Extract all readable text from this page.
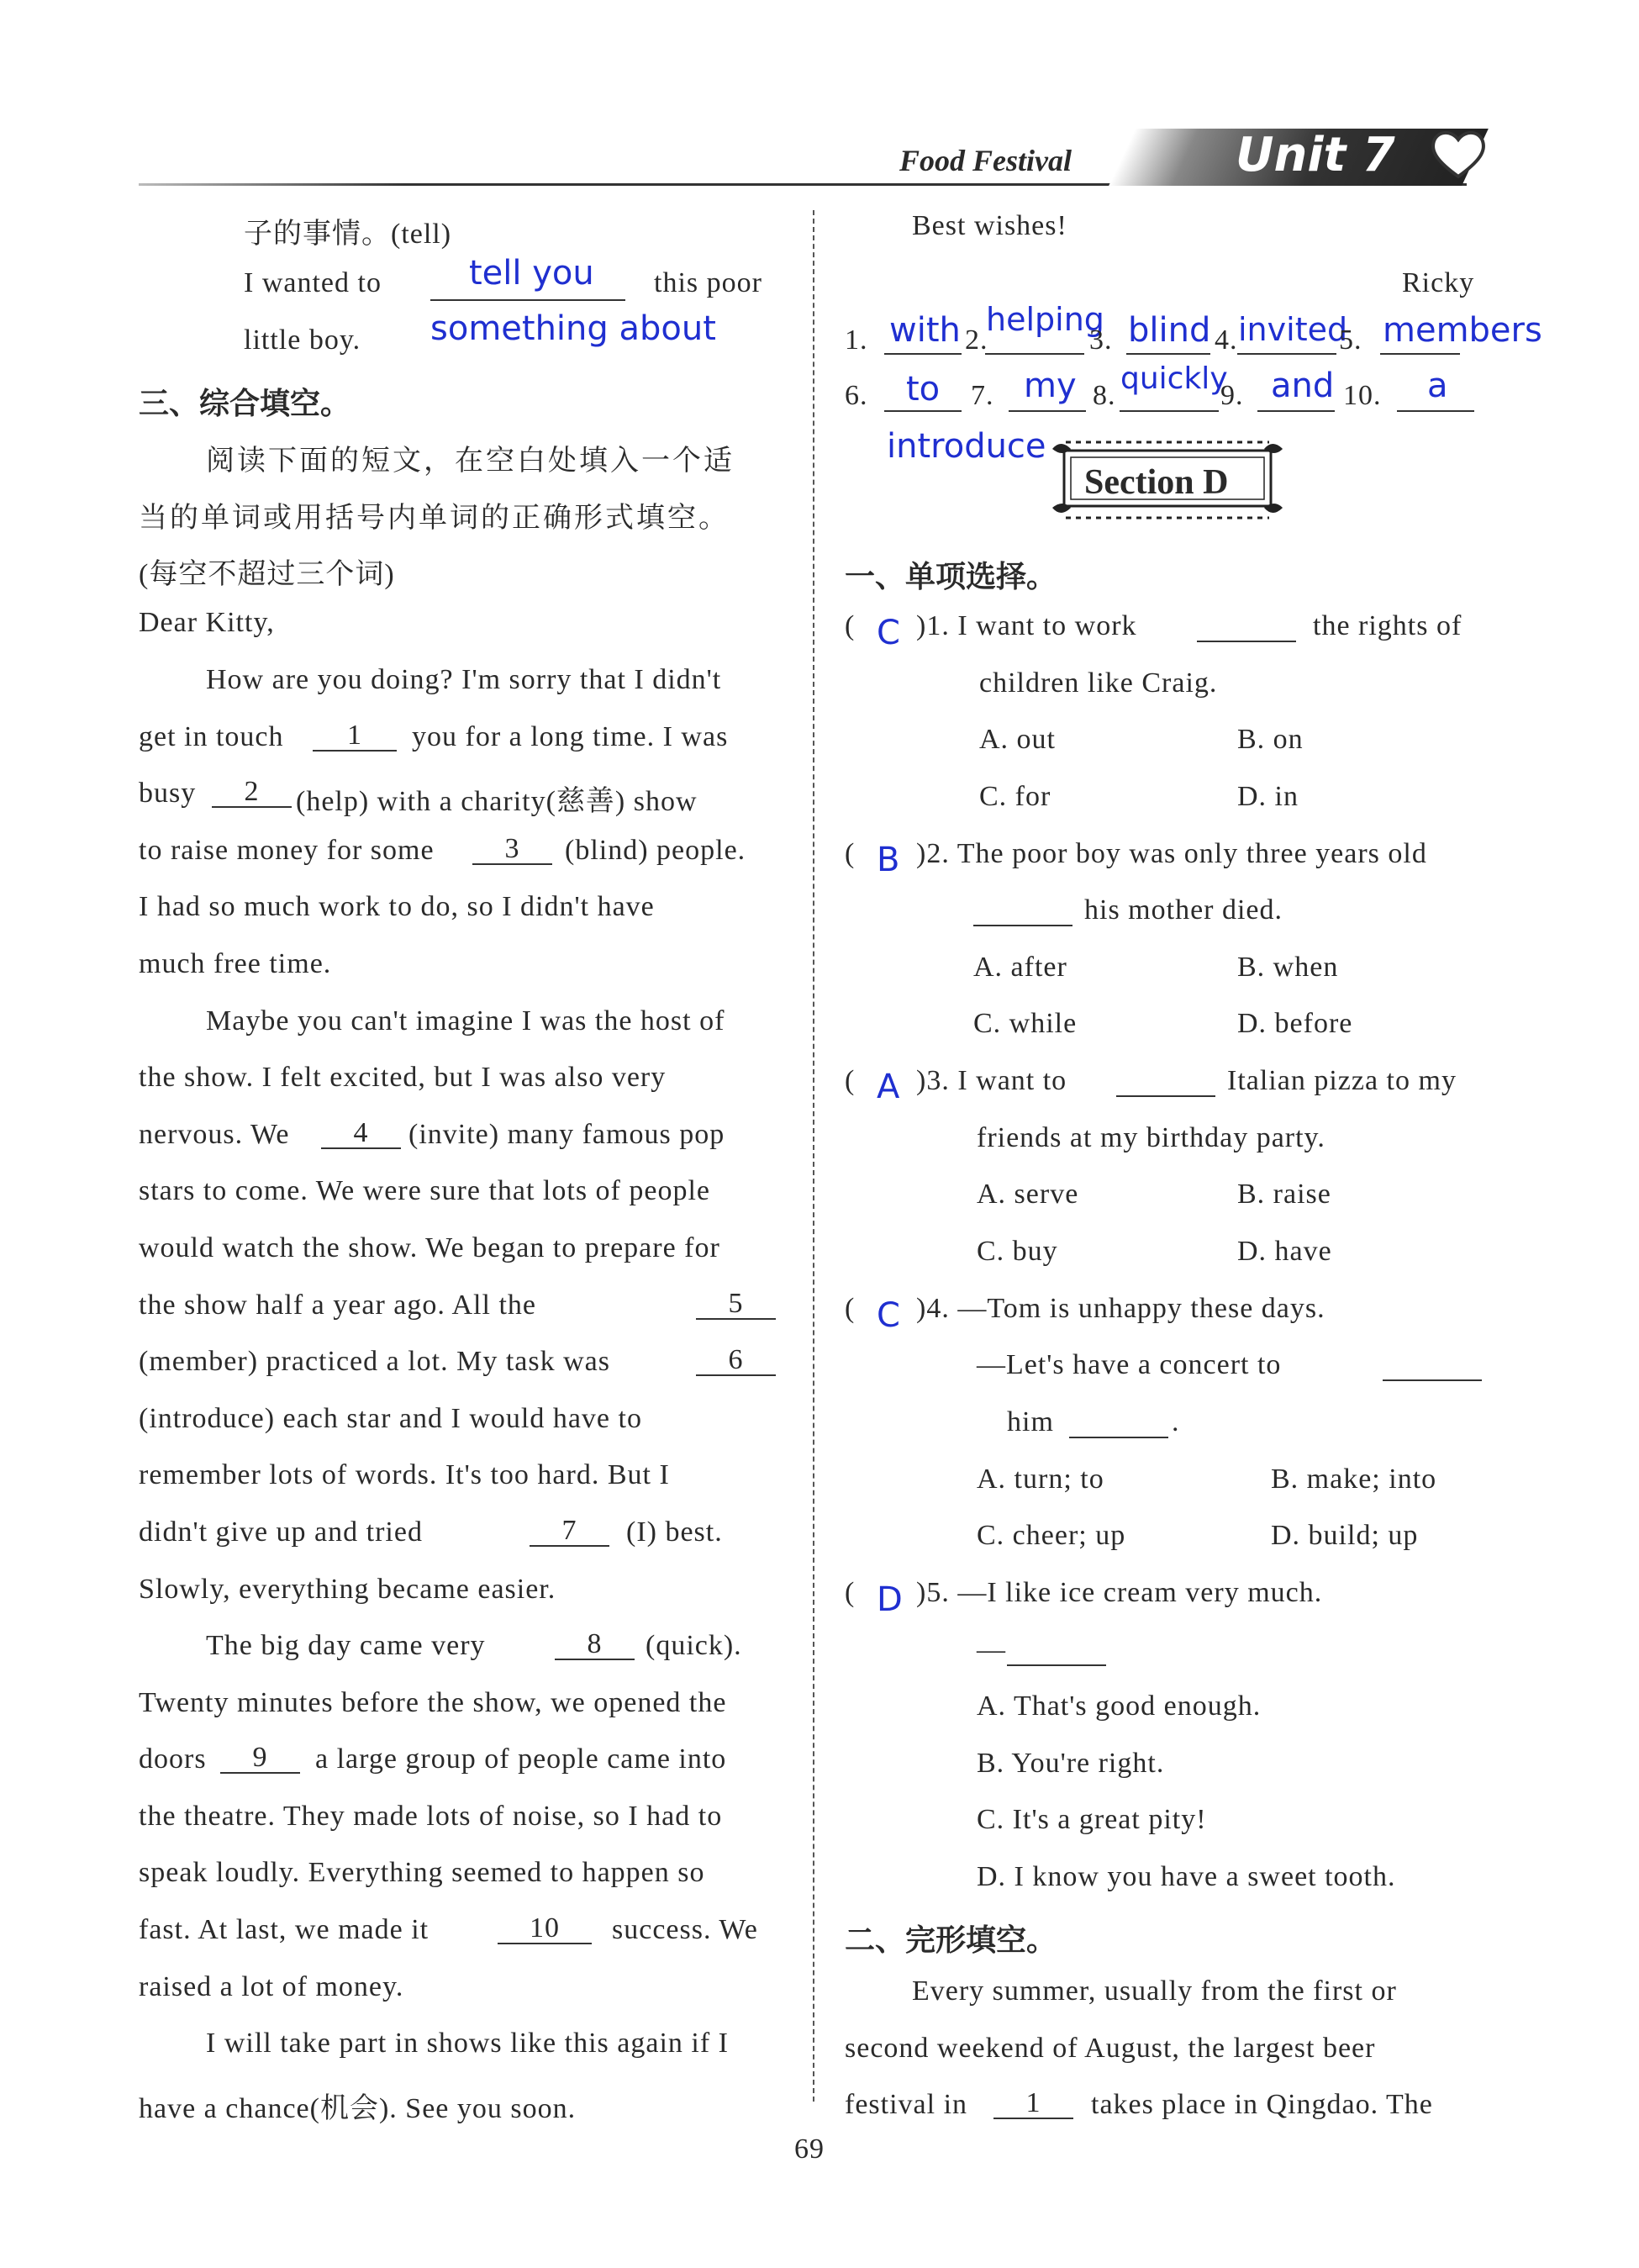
Food Festival	Unit 7
子的事情。(tell)
I wanted to	this poor
little boy.
tell you
something about
三、综合填空。
阅读下面的短文，在空白处填入一个适
当的单词或用括号内单词的正确形式填空。
(每空不超过三个词)
Dear Kitty,
How are you doing? I'm sorry that I didn't
get in touch	1	you for a long time. I was
busy	2	(help) with a charity(慈善) show
to raise money for some	3	(blind) people.
I had so much work to do, so I didn't have
much free time.
Maybe you can't imagine I was the host of
the show. I felt excited, but I was also very
nervous. We	4	(invite) many famous pop
stars to come. We were sure that lots of people
would watch the show. We began to prepare for
the show half a year ago. All the	5
(member) practiced a lot. My task was	6
(introduce) each star and I would have to
remember lots of words. It's too hard. But I
didn't give up and tried	7	(I) best.
Slowly, everything became easier.
The big day came very	8	(quick).
Twenty minutes before the show, we opened the
doors	9	a large group of people came into
the theatre. They made lots of noise, so I had to
speak loudly. Everything seemed to happen so
fast. At last, we made it	10	success. We
raised a lot of money.
I will take part in shows like this again if I
have a chance(机会). See you soon.
Best wishes!
Ricky
1. with 2.
helping
3. blind 4. invited
5. members
6. to 7. my 8. quickly
9. and 10. a
introduce
Section D
一、单项选择。
( C )1. I want to work	the rights of
children like Craig.
A. out	B. on
C. for	D. in
( B )2. The poor boy was only three years old
his mother died.
A. after	B. when
C. while	D. before
( A )3. I want to	Italian pizza to my
friends at my birthday party.
A. serve	B. raise
C. buy	D. have
( C )4. —Tom is unhappy these days.
—Let's have a concert to
him	.
A. turn; to	B. make; into
C. cheer; up	D. build; up
( D )5. —I like ice cream very much.
—
A. That's good enough.
B. You're right.
C. It's a great pity!
D. I know you have a sweet tooth.
二、完形填空。
Every summer, usually from the first or
second weekend of August, the largest beer
festival in	1	takes place in Qingdao. The
69
